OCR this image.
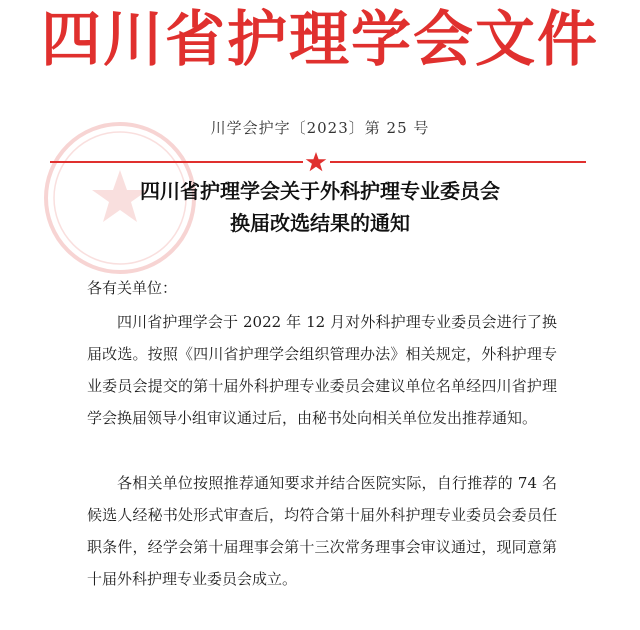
四川省护理学会文件
川学会护字〔2023〕第 25 号
四川省护理学会关于外科护理专业委员会
换届改选结果的通知
各有关单位：

四川省护理学会于 2022 年 12 月对外科护理专业委员会进行了换届改选。按照《四川省护理学会组织管理办法》相关规定，外科护理专业委员会提交的第十届外科护理专业委员会建议单位名单经四川省护理学会换届领导小组审议通过后，由秘书处向相关单位发出推荐通知。

各相关单位按照推荐通知要求并结合医院实际，自行推荐的 74 名候选人经秘书处形式审查后，均符合第十届外科护理专业委员会委员任职条件，经学会第十届理事会第十三次常务理事会审议通过，现同意第十届外科护理专业委员会成立。
